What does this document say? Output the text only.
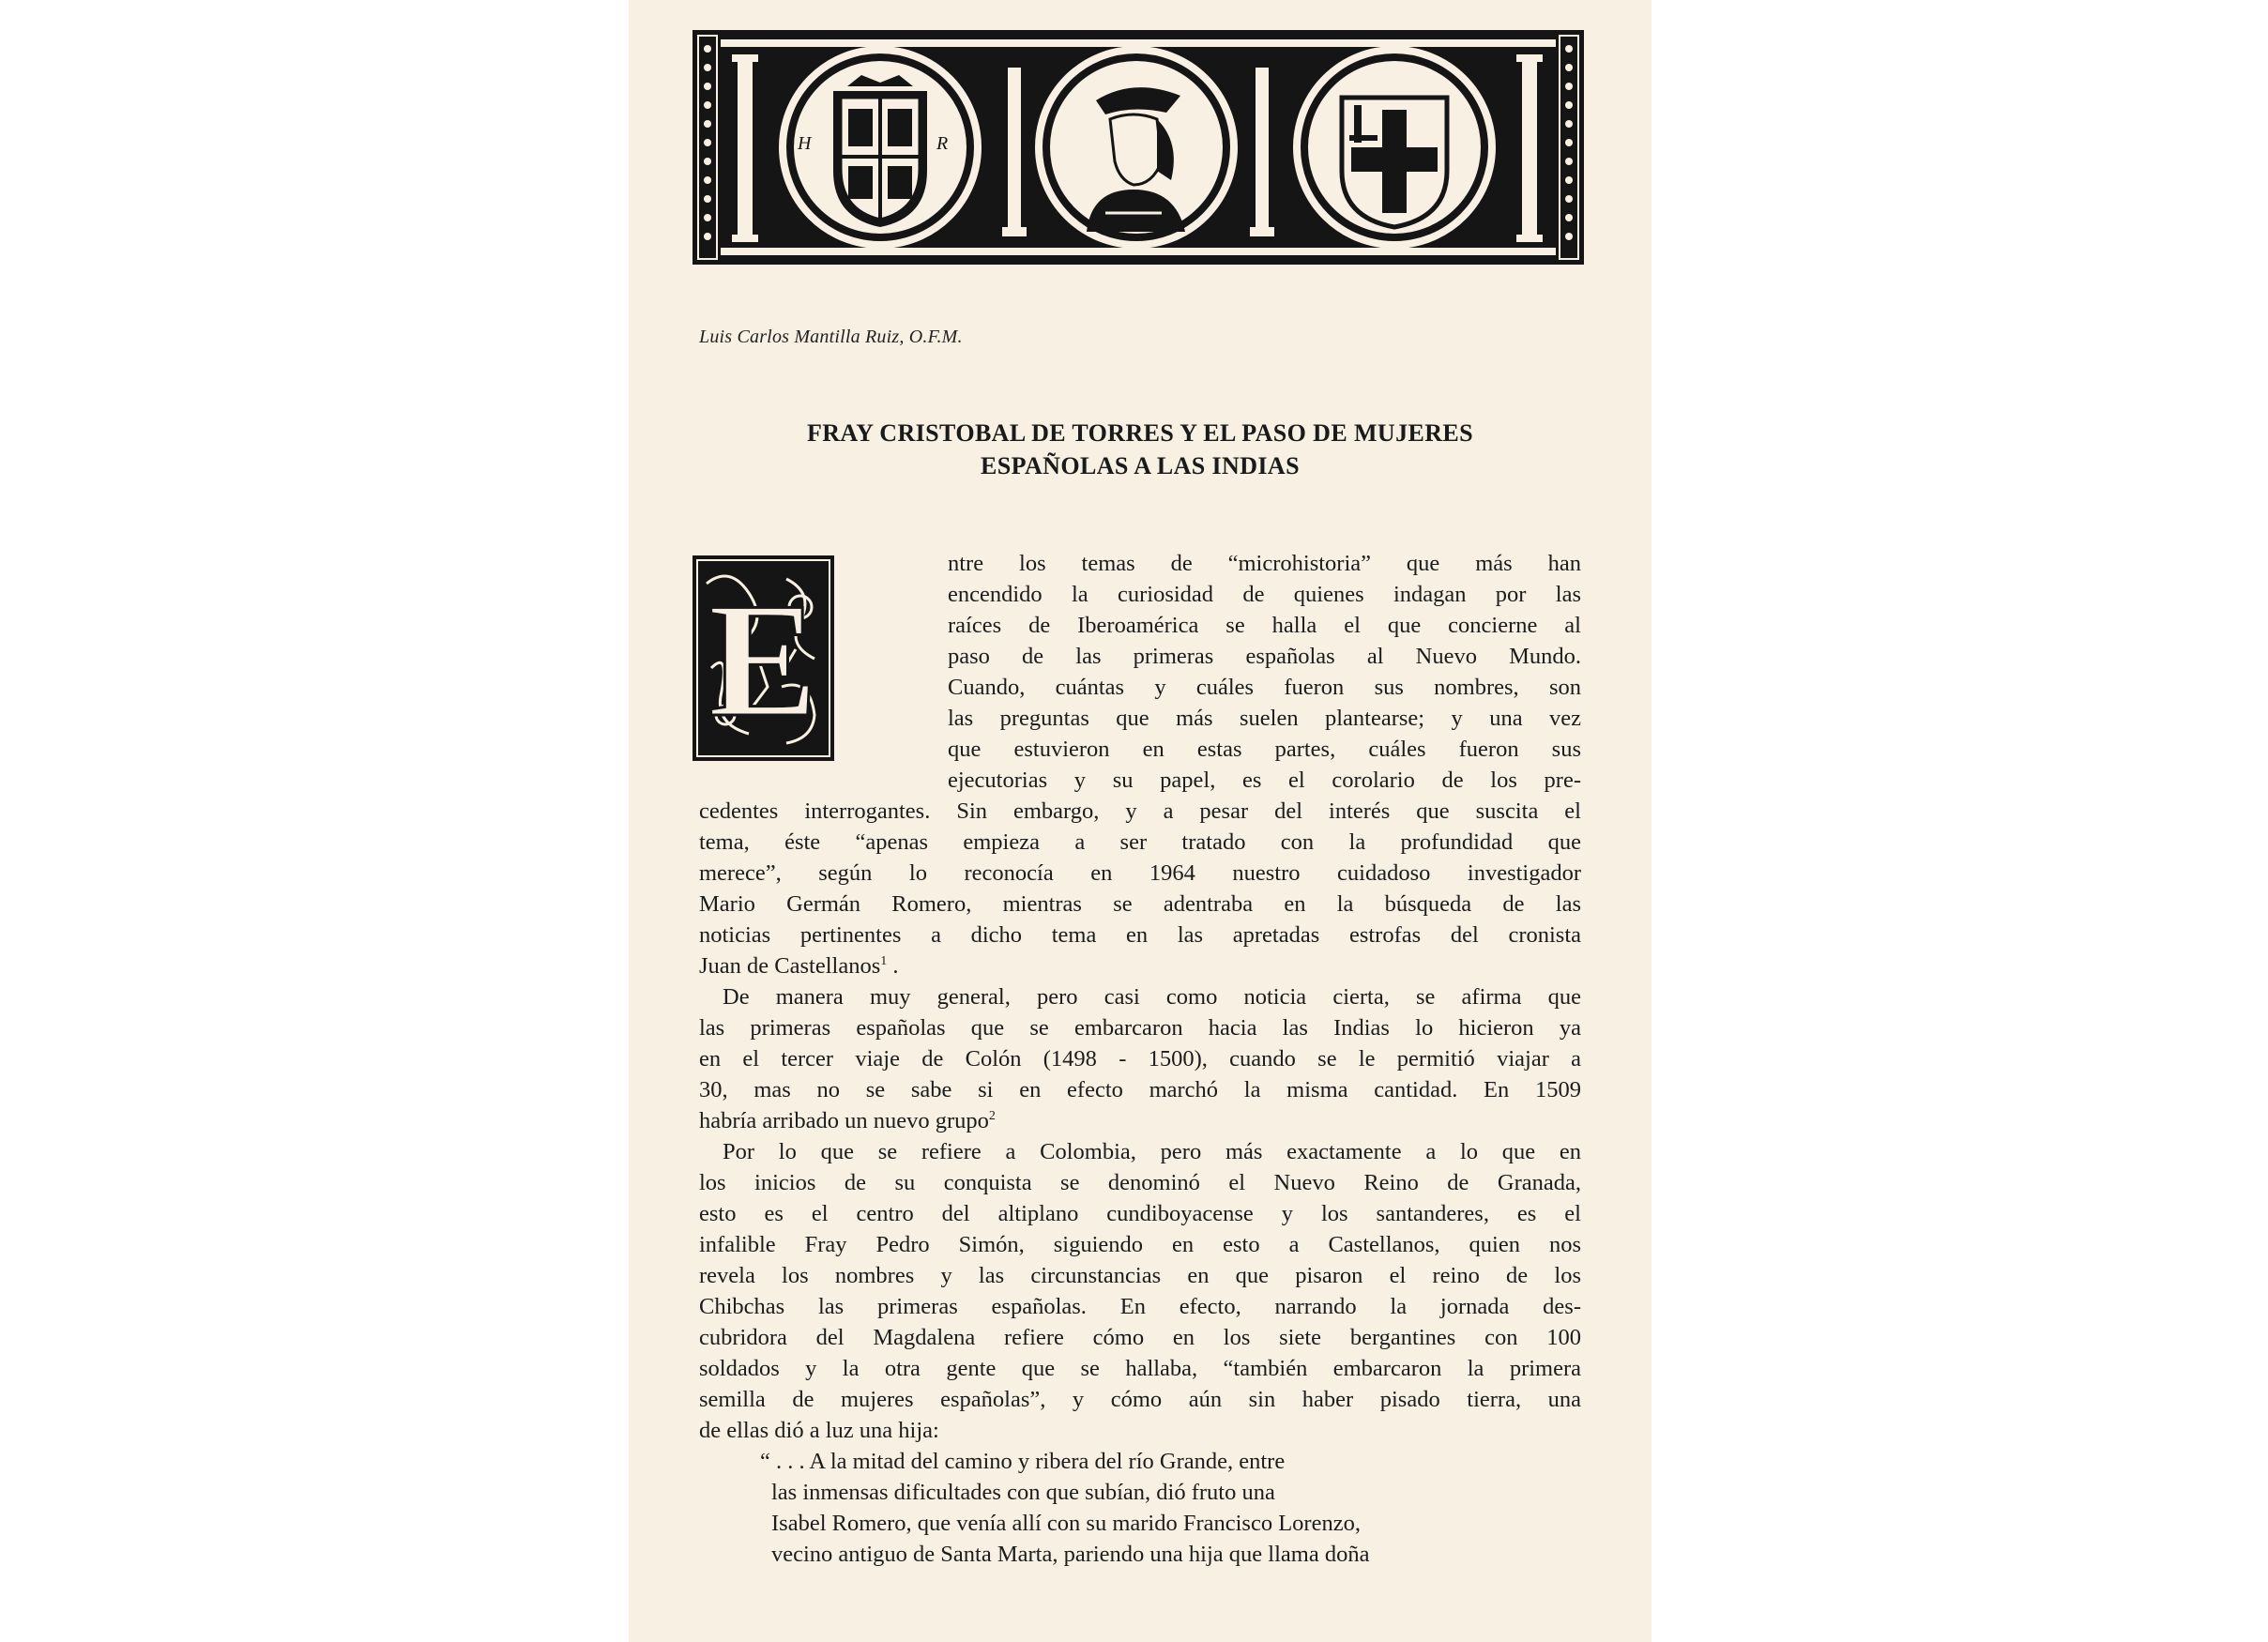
H	R
Luis Carlos Mantilla Ruiz, O.F.M.
FRAY CRISTOBAL DE TORRES Y EL PASO DE MUJERES
ESPAÑOLAS A LAS INDIAS
E
ntre los temas de “microhistoria” que más han
encendido la curiosidad de quienes indagan por las
raíces de Iberoamérica se halla el que concierne al
paso de las primeras españolas al Nuevo Mundo.
Cuando, cuántas y cuáles fueron sus nombres, son
las preguntas que más suelen plantearse; y una vez
que estuvieron en estas partes, cuáles fueron sus
ejecutorias y su papel, es el corolario de los pre-
cedentes interrogantes. Sin embargo, y a pesar del interés que suscita el
tema, éste “apenas empieza a ser tratado con la profundidad que
merece”, según lo reconocía en 1964 nuestro cuidadoso investigador
Mario Germán Romero, mientras se adentraba en la búsqueda de las
noticias pertinentes a dicho tema en las apretadas estrofas del cronista
Juan de Castellanos$^1$ .
De manera muy general, pero casi como noticia cierta, se afirma que
las primeras españolas que se embarcaron hacia las Indias lo hicieron ya
en el tercer viaje de Colón (1498 - 1500), cuando se le permitió viajar a
30, mas no se sabe si en efecto marchó la misma cantidad. En 1509
habría arribado un nuevo grupo$^2$
Por lo que se refiere a Colombia, pero más exactamente a lo que en
los inicios de su conquista se denominó el Nuevo Reino de Granada,
esto es el centro del altiplano cundiboyacense y los santanderes, es el
infalible Fray Pedro Simón, siguiendo en esto a Castellanos, quien nos
revela los nombres y las circunstancias en que pisaron el reino de los
Chibchas las primeras españolas. En efecto, narrando la jornada des-
cubridora del Magdalena refiere cómo en los siete bergantines con 100
soldados y la otra gente que se hallaba, “también embarcaron la primera
semilla de mujeres españolas”, y cómo aún sin haber pisado tierra, una
de ellas dió a luz una hija:
“ . . . A la mitad del camino y ribera del río Grande, entre
las inmensas dificultades con que subían, dió fruto una
Isabel Romero, que venía allí con su marido Francisco Lorenzo,
vecino antiguo de Santa Marta, pariendo una hija que llama doña
